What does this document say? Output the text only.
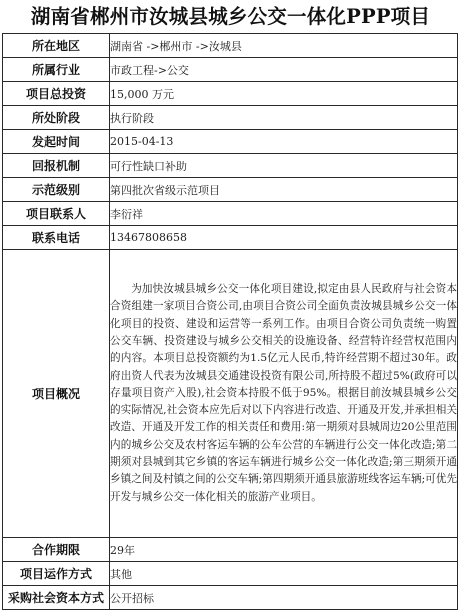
湖南省郴州市汝城县城乡公交一体化PPP项目
所在地区	湖南省 ->郴州市 ->汝城县
所属行业	市政工程->公交
项目总投资	15,000 万元
所处阶段	执行阶段
发起时间	2015-04-13
回报机制	可行性缺口补助
示范级别	第四批次省级示范项目
项目联系人	李衍祥
联系电话	13467808658
项目概况	为加快汝城县城乡公交一体化项目建设,拟定由县人民政府与社会资本合资组建一家项目合资公司,由项目合资公司全面负责汝城县城乡公交一体化项目的投资、建设和运营等一系列工作。由项目合资公司负责统一购置公交车辆、投资建设与城乡公交相关的设施设备、经营特许经营权范围内的内容。本项目总投资额约为1.5亿元人民币,特许经营期不超过30年。政府出资人代表为汝城县交通建设投资有限公司,所持股不超过5%(政府可以存量项目资产入股),社会资本持股不低于95%。根据目前汝城县城乡公交的实际情况,社会资本应先后对以下内容进行改造、开通及开发,并承担相关改造、开通及开发工作的相关责任和费用:第一期须对县城周边20公里范围内的城乡公交及农村客运车辆的公车公营的车辆进行公交一体化改造;第二期须对县城到其它乡镇的客运车辆进行城乡公交一体化改造;第三期须开通乡镇之间及村镇之间的公交车辆;第四期须开通县旅游班线客运车辆;可优先开发与城乡公交一体化相关的旅游产业项目。
合作期限	29年
项目运作方式	其他
采购社会资本方式	公开招标
